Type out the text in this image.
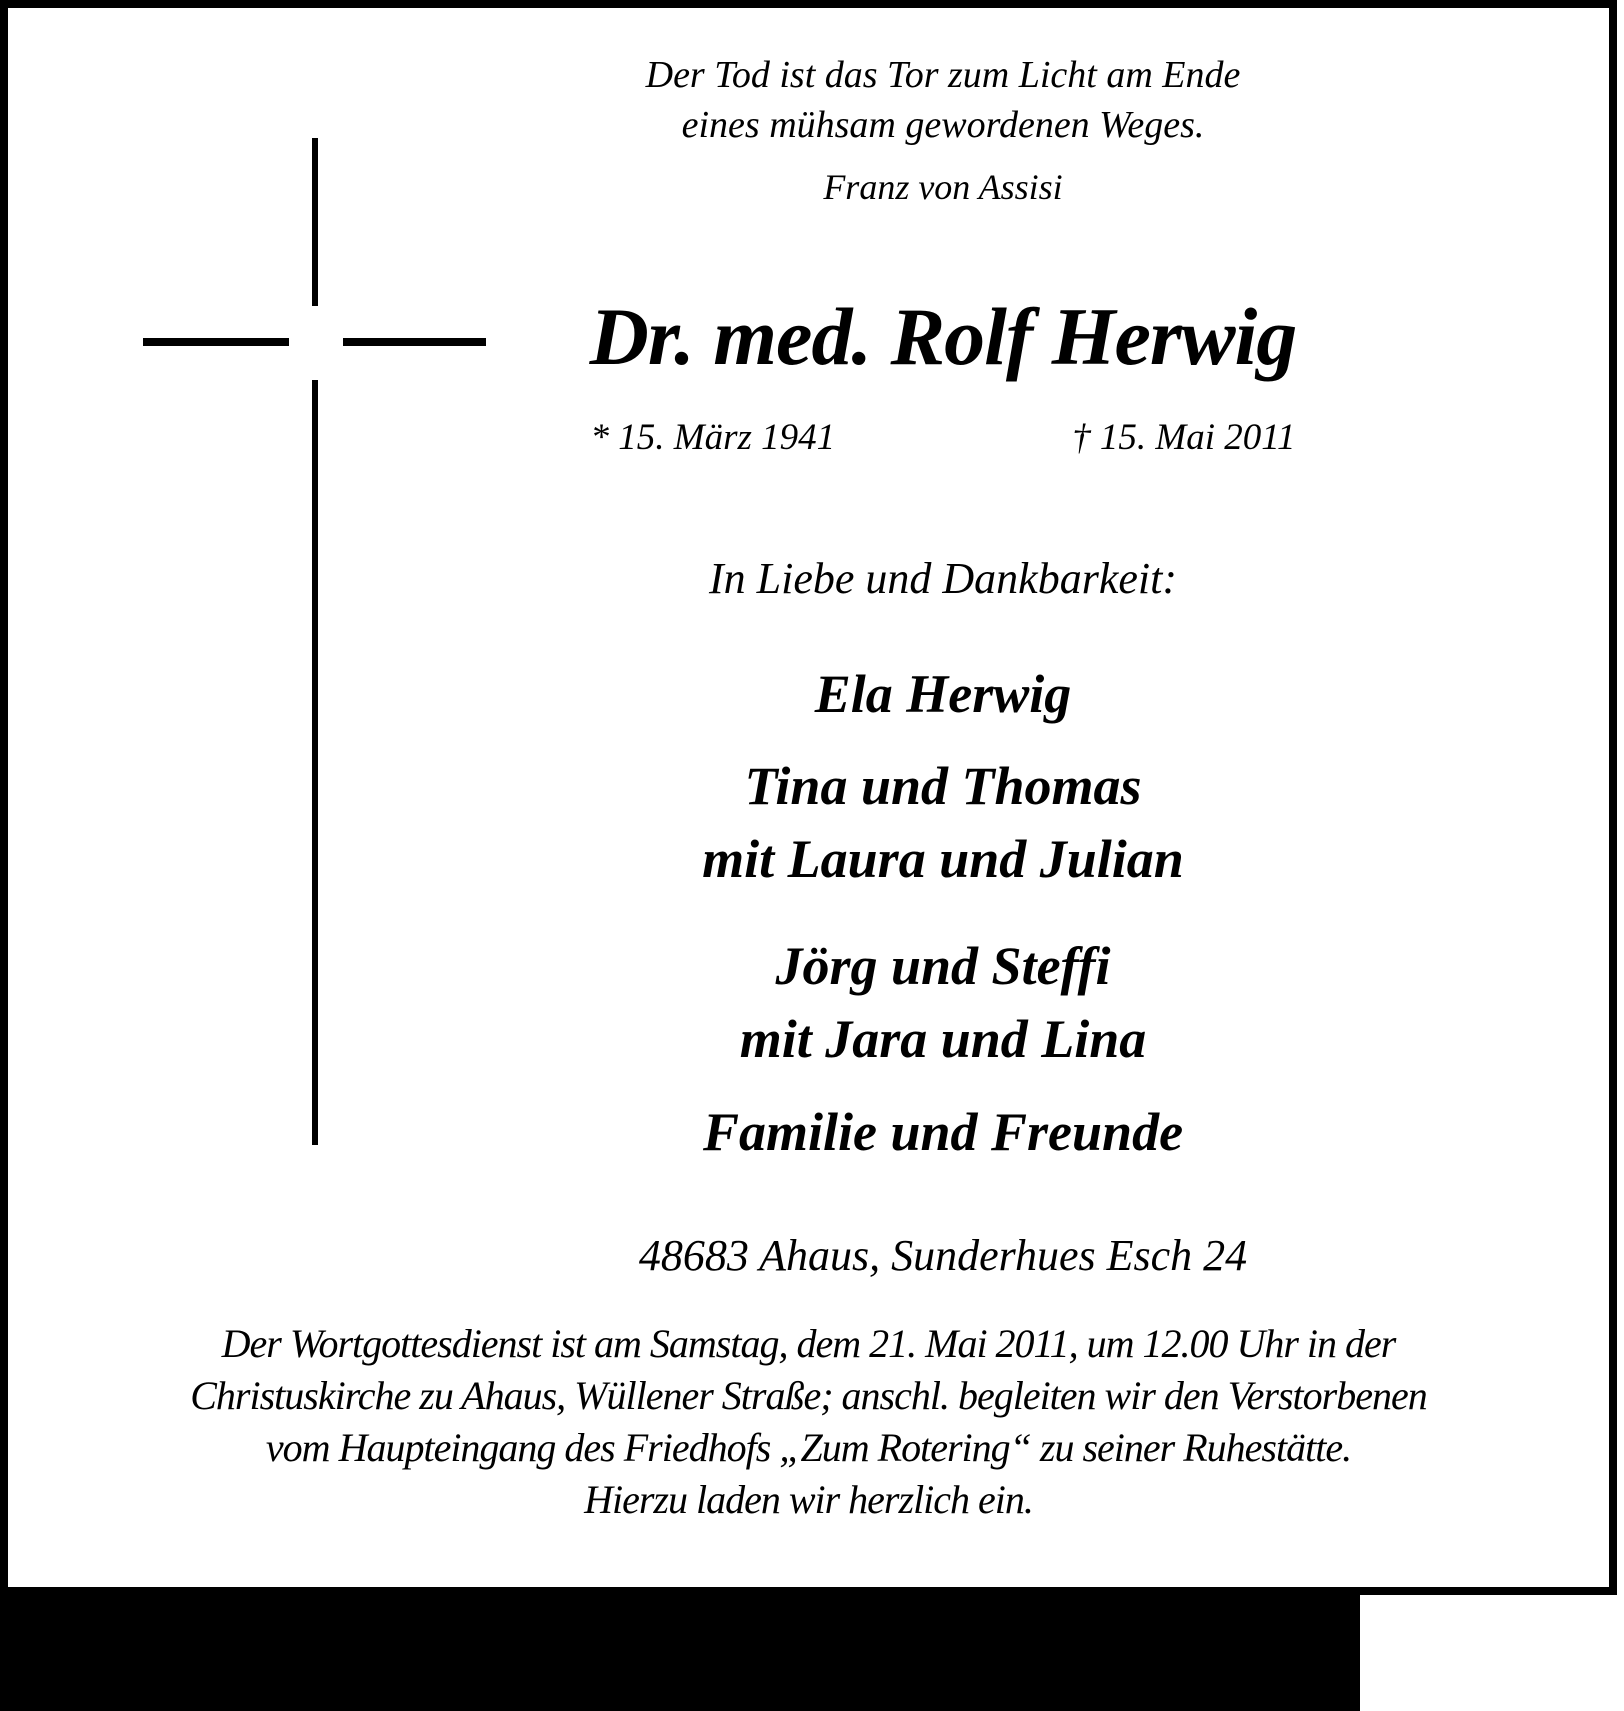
Der Tod ist das Tor zum Licht am Ende
eines mühsam gewordenen Weges.
Franz von Assisi
Dr. med. Rolf Herwig
* 15. März 1941	† 15. Mai 2011
In Liebe und Dankbarkeit:
Ela Herwig
Tina und Thomas
mit Laura und Julian
Jörg und Steffi
mit Jara und Lina
Familie und Freunde
48683 Ahaus, Sunderhues Esch 24
Der Wortgottesdienst ist am Samstag, dem 21. Mai 2011, um 12.00 Uhr in der
Christuskirche zu Ahaus, Wüllener Straße; anschl. begleiten wir den Verstorbenen
vom Haupteingang des Friedhofs „Zum Rotering“ zu seiner Ruhestätte.
Hierzu laden wir herzlich ein.
